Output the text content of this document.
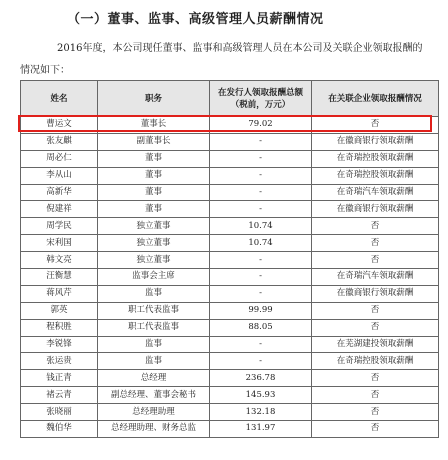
（一）董事、监事、高级管理人员薪酬情况
2016年度，本公司现任董事、监事和高级管理人员在本公司及关联企业领取报酬的
情况如下：
姓名	职务	在发行人领取报酬总额（税前，万元）	在关联企业领取报酬情况
曹运文	董事长	79.02	否
张友麒	副董事长	-	在徽商银行领取薪酬
周必仁	董事	-	在奇瑞控股领取薪酬
李从山	董事	-	在奇瑞控股领取薪酬
高新华	董事	-	在奇瑞汽车领取薪酬
倪建祥	董事	-	在徽商银行领取薪酬
周学民	独立董事	10.74	否
宋利国	独立董事	10.74	否
韩文亮	独立董事	-	否
汪衡慧	监事会主席	-	在奇瑞汽车领取薪酬
蒋风芹	监事	-	在徽商银行领取薪酬
郭英	职工代表监事	99.99	否
程积胜	职工代表监事	88.05	否
李锐锋	监事	-	在芜湖建投领取薪酬
张运贵	监事	-	在奇瑞控股领取薪酬
钱正青	总经理	236.78	否
褚云青	副总经理、董事会秘书	145.93	否
张晓丽	总经理助理	132.18	否
魏伯华	总经理助理、财务总监	131.97	否
